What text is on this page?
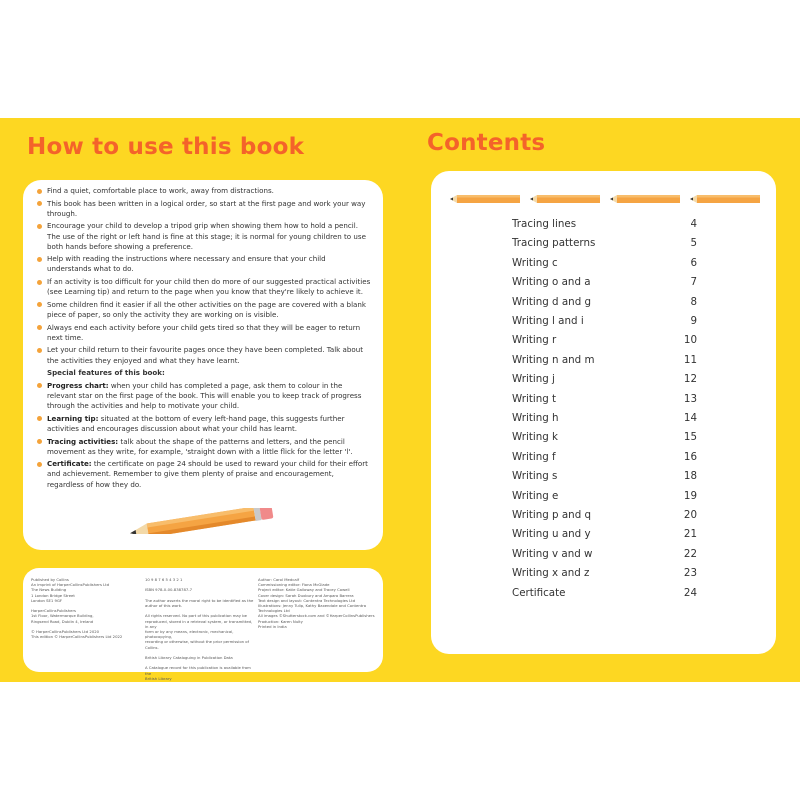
How to use this book
Find a quiet, comfortable place to work, away from distractions.
This book has been written in a logical order, so start at the first page and work your way through.
Encourage your child to develop a tripod grip when showing them how to hold a pencil. The use of the right or left hand is fine at this stage; it is normal for young children to use both hands before showing a preference.
Help with reading the instructions where necessary and ensure that your child understands what to do.
If an activity is too difficult for your child then do more of our suggested practical activities (see Learning tip) and return to the page when you know that they're likely to achieve it.
Some children find it easier if all the other activities on the page are covered with a blank piece of paper, so only the activity they are working on is visible.
Always end each activity before your child gets tired so that they will be eager to return next time.
Let your child return to their favourite pages once they have been completed. Talk about the activities they enjoyed and what they have learnt.
Special features of this book:
Progress chart: when your child has completed a page, ask them to colour in the relevant star on the first page of the book. This will enable you to keep track of progress through the activities and help to motivate your child.
Learning tip: situated at the bottom of every left-hand page, this suggests further activities and encourages discussion about what your child has learnt.
Tracing activities: talk about the shape of the patterns and letters, and the pencil movement as they write, for example, 'straight down with a little flick for the letter 'l'.
Certificate: the certificate on page 24 should be used to reward your child for their effort and achievement. Remember to give them plenty of praise and encouragement, regardless of how they do.
Published by Collins
An imprint of HarperCollinsPublishers Ltd
The News Building
1 London Bridge Street
London SE1 9GF

HarperCollinsPublishers
1st Floor, Watermarque Building,
Ringsend Road, Dublin 4, Ireland

© HarperCollinsPublishers Ltd 2020
This edition © HarperCollinsPublishers Ltd 2022
10 9 8 7 6 5 4 3 2 1

ISBN 978-0-00-838787-7

The author asserts the moral right to be identified as the
author of this work.

All rights reserved. No part of this publication may be
reproduced, stored in a retrieval system, or transmitted, in any
form or by any means, electronic, mechanical, photocopying,
recording or otherwise, without the prior permission of Collins.

British Library Cataloguing in Publication Data

A Catalogue record for this publication is available from the
British Library
Author: Carol Medcalf
Commissioning editor: Fiona McGlade
Project editor: Katie Galloway and Tracey Cowell
Cover design: Sarah Duxbury and Amparo Barrera
Text design and layout: Contentra Technologies Ltd
Illustrations: Jenny Tulip, Kathy Baxendale and Contentra
Technologies Ltd
All images ©Shutterstock.com and ©HarperCollinsPublishers
Production: Karen Nulty
Printed in India
Contents
Tracing lines	4
Tracing patterns	5
Writing c	6
Writing o and a	7
Writing d and g	8
Writing l and i	9
Writing r	10
Writing n and m	11
Writing j	12
Writing t	13
Writing h	14
Writing k	15
Writing f	16
Writing s	18
Writing e	19
Writing p and q	20
Writing u and y	21
Writing v and w	22
Writing x and z	23
Certificate	24
